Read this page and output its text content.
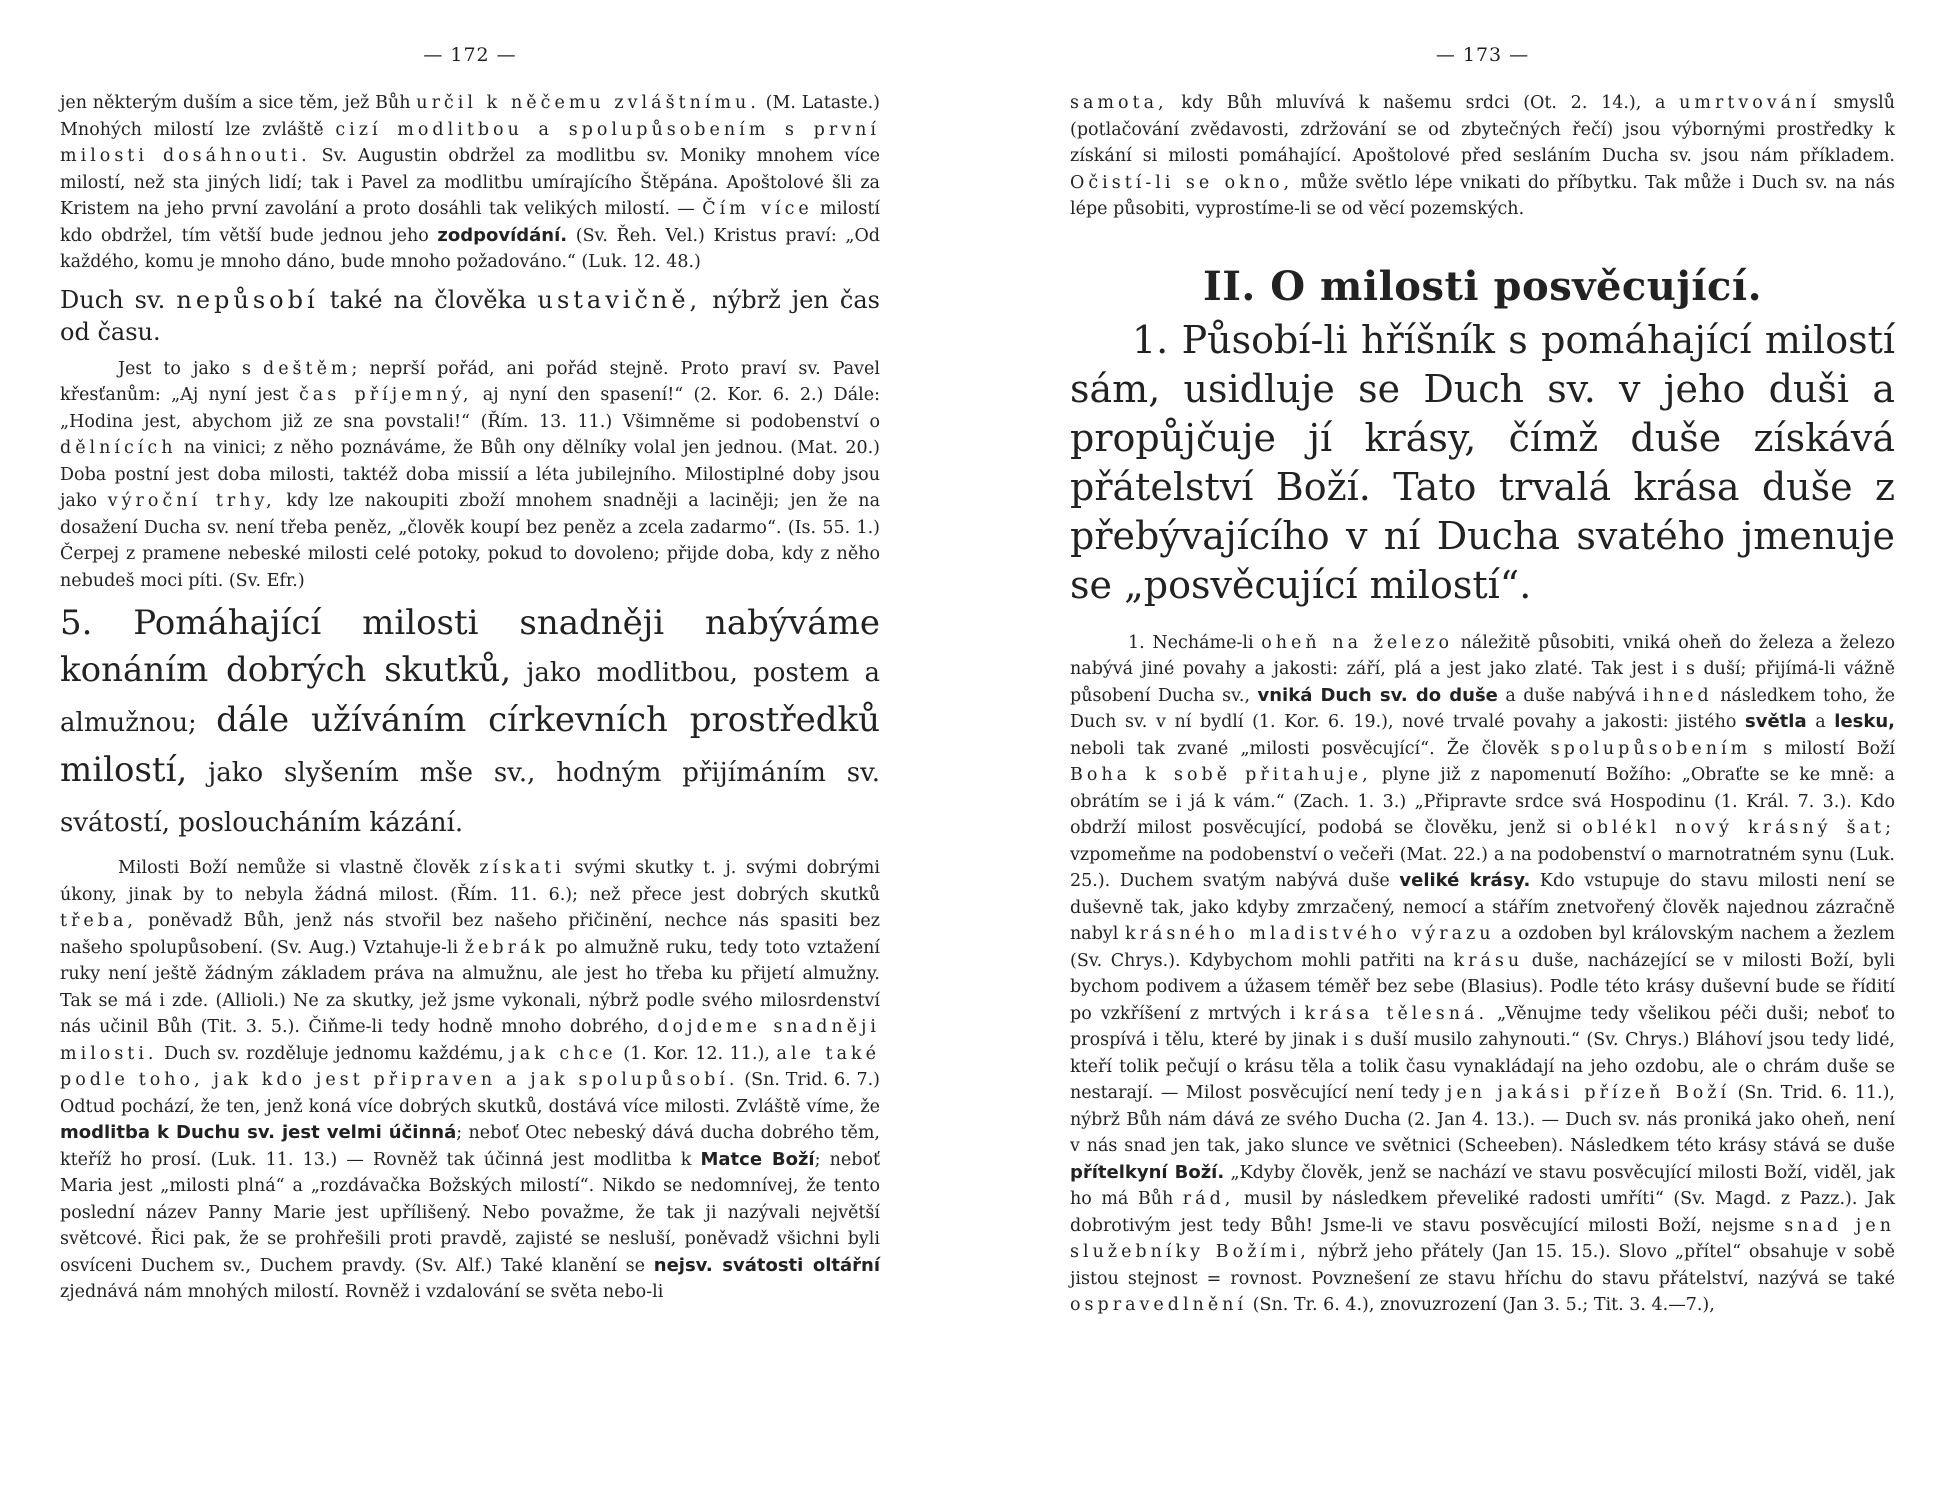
— 172 —

jen některým duším a sice těm, jež Bůh určil k něčemu zvláštnímu. (M. Lataste.) Mnohých milostí lze zvláště cizí modlitbou a spolupůsobením s první milosti dosáhnouti. Sv. Augustin obdržel za modlitbu sv. Moniky mnohem více milostí, než sta jiných lidí; tak i Pavel za modlitbu umírajícího Štěpána. Apoštolové šli za Kristem na jeho první zavolání a proto dosáhli tak velikých milostí. — Čím více milostí kdo obdržel, tím větší bude jednou jeho zodpovídání. (Sv. Řeh. Vel.) Kristus praví: „Od každého, komu je mnoho dáno, bude mnoho požadováno.“ (Luk. 12. 48.)

Duch sv. nepůsobí také na člověka ustavičně, nýbrž jen čas od času.

Jest to jako s deštěm; neprší pořád, ani pořád stejně. Proto praví sv. Pavel křesťanům: „Aj nyní jest čas příjemný, aj nyní den spasení!“ (2. Kor. 6. 2.) Dále: „Hodina jest, abychom již ze sna povstali!“ (Řím. 13. 11.) Všimněme si podobenství o dělnících na vinici; z něho poznáváme, že Bůh ony dělníky volal jen jednou. (Mat. 20.) Doba postní jest doba milosti, taktéž doba missií a léta jubilejního. Milostiplné doby jsou jako výroční trhy, kdy lze nakoupiti zboží mnohem snadněji a laciněji; jen že na dosažení Ducha sv. není třeba peněz, „člověk koupí bez peněz a zcela zadarmo“. (Is. 55. 1.) Čerpej z pramene nebeské milosti celé potoky, pokud to dovoleno; přijde doba, kdy z něho nebudeš moci píti. (Sv. Efr.)

5. Pomáhající milosti snadněji nabýváme konáním dobrých skutků, jako modlitbou, postem a almužnou; dále užíváním církevních prostředků milostí, jako slyšením mše sv., hodným přijímáním sv. svátostí, posloucháním kázání.

Milosti Boží nemůže si vlastně člověk získati svými skutky t. j. svými dobrými úkony, jinak by to nebyla žádná milost. (Řím. 11. 6.); než přece jest dobrých skutků třeba, poněvadž Bůh, jenž nás stvořil bez našeho přičinění, nechce nás spasiti bez našeho spolupůsobení. (Sv. Aug.) Vztahuje-li žebrák po almužně ruku, tedy toto vztažení ruky není ještě žádným základem práva na almužnu, ale jest ho třeba ku přijetí almužny. Tak se má i zde. (Allioli.) Ne za skutky, jež jsme vykonali, nýbrž podle svého milosrdenství nás učinil Bůh (Tit. 3. 5.). Čiňme-li tedy hodně mnoho dobrého, dojdeme snadněji milosti. Duch sv. rozděluje jednomu každému, jak chce (1. Kor. 12. 11.), ale také podle toho, jak kdo jest připraven a jak spolupůsobí. (Sn. Trid. 6. 7.) Odtud pochází, že ten, jenž koná více dobrých skutků, dostává více milosti. Zvláště víme, že modlitba k Duchu sv. jest velmi účinná; neboť Otec nebeský dává ducha dobrého těm, kteříž ho prosí. (Luk. 11. 13.) — Rovněž tak účinná jest modlitba k Matce Boží; neboť Maria jest „milosti plná“ a „rozdávačka Božských milostí“. Nikdo se nedomnívej, že tento poslední název Panny Marie jest upřílišený. Nebo považme, že tak ji nazývali největší světcové. Řici pak, že se prohřešili proti pravdě, zajisté se nesluší, poněvadž všichni byli osvíceni Duchem sv., Duchem pravdy. (Sv. Alf.) Také klanění se nejsv. svátosti oltářní zjednává nám mnohých milostí. Rovněž i vzdalování se světa nebo-li

— 173 —

samota, kdy Bůh mluvívá k našemu srdci (Ot. 2. 14.), a umrtvování smyslů (potlačování zvědavosti, zdržování se od zbytečných řečí) jsou výbornými prostředky k získání si milosti pomáhající. Apoštolové před sesláním Ducha sv. jsou nám příkladem. Očistí-li se okno, může světlo lépe vnikati do příbytku. Tak může i Duch sv. na nás lépe působiti, vyprostíme-li se od věcí pozemských.

II. O milosti posvěcující.
1. Působí-li hříšník s pomáhající milostí sám, usidluje se Duch sv. v jeho duši a propůjčuje jí krásy, čímž duše získává přátelství Boží. Tato trvalá krása duše z přebývajícího v ní Ducha svatého jmenuje se „posvěcující milostí“.

1. Necháme-li oheň na železo náležitě působiti, vniká oheň do železa a železo nabývá jiné povahy a jakosti: září, plá a jest jako zlaté. Tak jest i s duší; přijímá-li vážně působení Ducha sv., vniká Duch sv. do duše a duše nabývá ihned následkem toho, že Duch sv. v ní bydlí (1. Kor. 6. 19.), nové trvalé povahy a jakosti: jistého světla a lesku, neboli tak zvané „milosti posvěcující“. Že člověk spolupůsobením s milostí Boží Boha k sobě přitahuje, plyne již z napomenutí Božího: „Obraťte se ke mně: a obrátím se i já k vám.“ (Zach. 1. 3.) „Připravte srdce svá Hospodinu (1. Král. 7. 3.). Kdo obdrží milost posvěcující, podobá se člověku, jenž si oblékl nový krásný šat; vzpomeňme na podobenství o večeři (Mat. 22.) a na podobenství o marnotratném synu (Luk. 25.). Duchem svatým nabývá duše veliké krásy. Kdo vstupuje do stavu milosti není se duševně tak, jako kdyby zmrzačený, nemocí a stářím znetvořený člověk najednou zázračně nabyl krásného mladistvého výrazu a ozdoben byl královským nachem a žezlem (Sv. Chrys.). Kdybychom mohli patřiti na krásu duše, nacházející se v milosti Boží, byli bychom podivem a úžasem téměř bez sebe (Blasius). Podle této krásy duševní bude se řídití po vzkříšení z mrtvých i krása tělesná. „Věnujme tedy všelikou péči duši; neboť to prospívá i tělu, které by jinak i s duší musilo zahynouti.“ (Sv. Chrys.) Bláhoví jsou tedy lidé, kteří tolik pečují o krásu těla a tolik času vynakládají na jeho ozdobu, ale o chrám duše se nestarají. — Milost posvěcující není tedy jen jakási přízeň Boží (Sn. Trid. 6. 11.), nýbrž Bůh nám dává ze svého Ducha (2. Jan 4. 13.). — Duch sv. nás proniká jako oheň, není v nás snad jen tak, jako slunce ve světnici (Scheeben). Následkem této krásy stává se duše přítelkyní Boží. „Kdyby člověk, jenž se nachází ve stavu posvěcující milosti Boží, viděl, jak ho má Bůh rád, musil by následkem převeliké radosti umříti“ (Sv. Magd. z Pazz.). Jak dobrotivým jest tedy Bůh! Jsme-li ve stavu posvěcující milosti Boží, nejsme snad jen služebníky Božími, nýbrž jeho přátely (Jan 15. 15.). Slovo „přítel“ obsahuje v sobě jistou stejnost = rovnost. Povznešení ze stavu hříchu do stavu přátelství, nazývá se také ospravedlnění (Sn. Tr. 6. 4.), znovuzrození (Jan 3. 5.; Tit. 3. 4.—7.),
